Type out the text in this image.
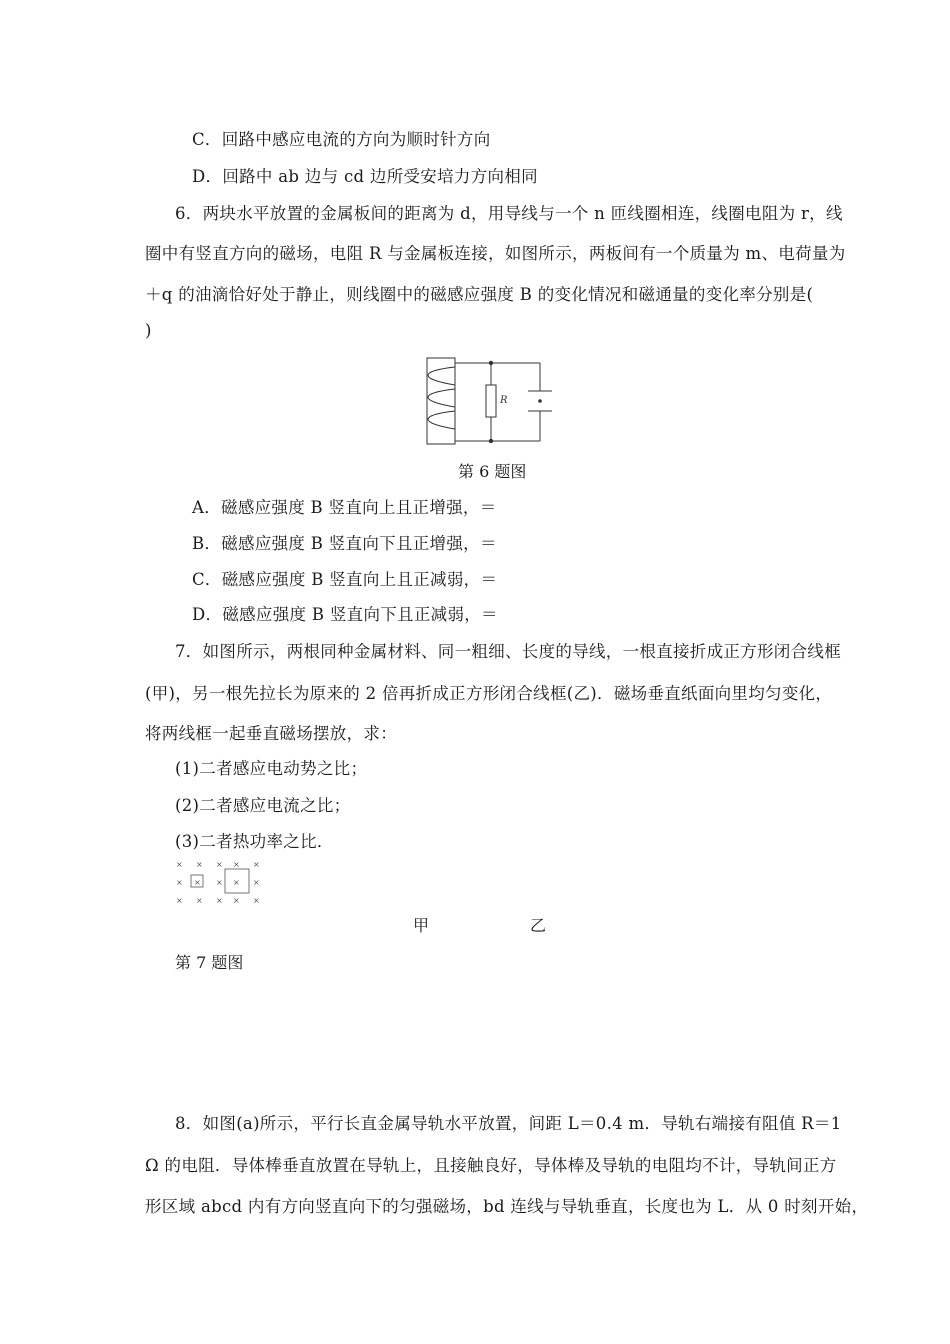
C．回路中感应电流的方向为顺时针方向
D．回路中 ab 边与 cd 边所受安培力方向相同
6．两块水平放置的金属板间的距离为 d，用导线与一个 n 匝线圈相连，线圈电阻为 r，线
圈中有竖直方向的磁场，电阻 R 与金属板连接，如图所示，两板间有一个质量为 m、电荷量为
＋q 的油滴恰好处于静止，则线圈中的磁感应强度 B 的变化情况和磁通量的变化率分别是(
)
R
第 6 题图
A．磁感应强度 B 竖直向上且正增强，＝
B．磁感应强度 B 竖直向下且正增强，＝
C．磁感应强度 B 竖直向上且正减弱，＝
D．磁感应强度 B 竖直向下且正减弱，＝
7．如图所示，两根同种金属材料、同一粗细、长度的导线，一根直接折成正方形闭合线框
(甲)，另一根先拉长为原来的 2 倍再折成正方形闭合线框(乙)．磁场垂直纸面向里均匀变化，
将两线框一起垂直磁场摆放，求：
(1)二者感应电动势之比；
(2)二者感应电流之比；
(3)二者热功率之比．
× × × × ×
×	×	×
× × × × ×
×	×
甲	乙
第 7 题图
8．如图(a)所示，平行长直金属导轨水平放置，间距 L＝0.4 m．导轨右端接有阻值 R＝1
Ω 的电阻．导体棒垂直放置在导轨上，且接触良好，导体棒及导轨的电阻均不计，导轨间正方
形区域 abcd 内有方向竖直向下的匀强磁场，bd 连线与导轨垂直，长度也为 L．从 0 时刻开始，
